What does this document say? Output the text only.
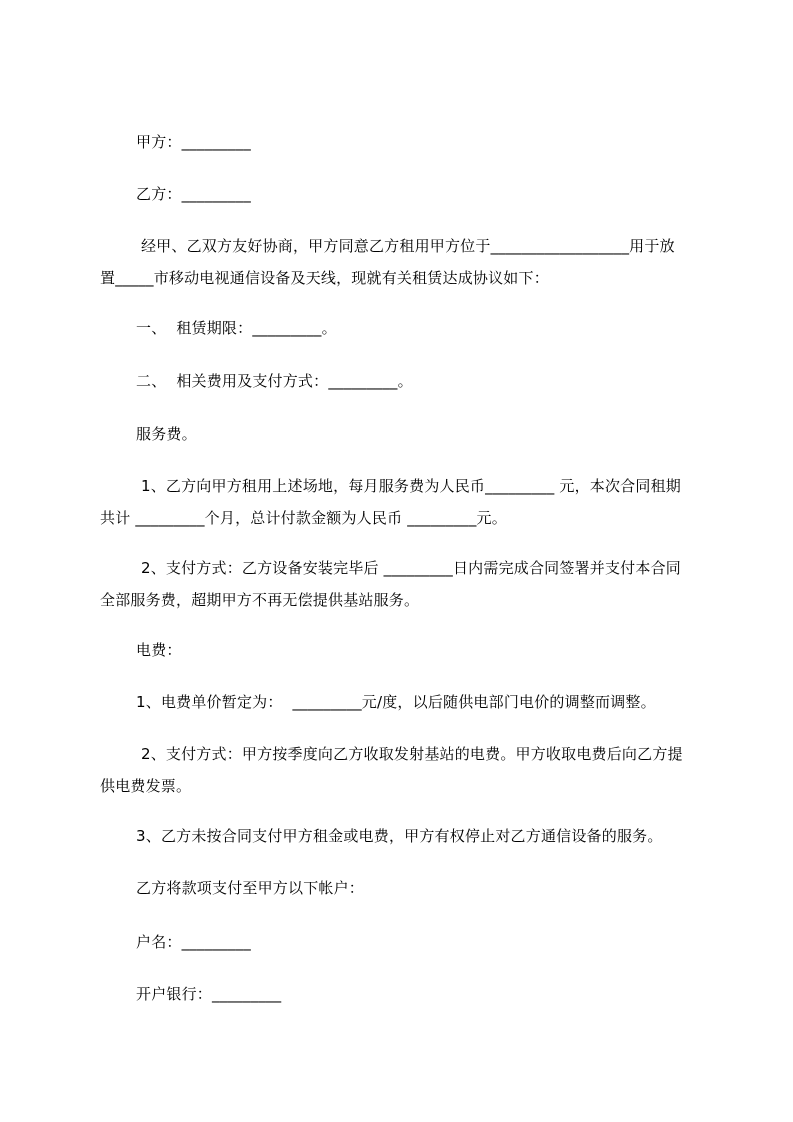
甲方：_________
乙方：_________
经甲、乙双方友好协商，甲方同意乙方租用甲方位于__________________用于放
置_____市移动电视通信设备及天线，现就有关租赁达成协议如下：
一、  租赁期限：_________。
二、  相关费用及支付方式：_________。
服务费。
1、乙方向甲方租用上述场地，每月服务费为人民币_________ 元，本次合同租期
共计 _________个月，总计付款金额为人民币 _________元。
2、支付方式：乙方设备安装完毕后 _________日内需完成合同签署并支付本合同
全部服务费，超期甲方不再无偿提供基站服务。
电费：
1、电费单价暂定为：  _________元/度，以后随供电部门电价的调整而调整。
2、支付方式：甲方按季度向乙方收取发射基站的电费。甲方收取电费后向乙方提
供电费发票。
3、乙方未按合同支付甲方租金或电费，甲方有权停止对乙方通信设备的服务。
乙方将款项支付至甲方以下帐户：
户名：_________
开户银行：_________
